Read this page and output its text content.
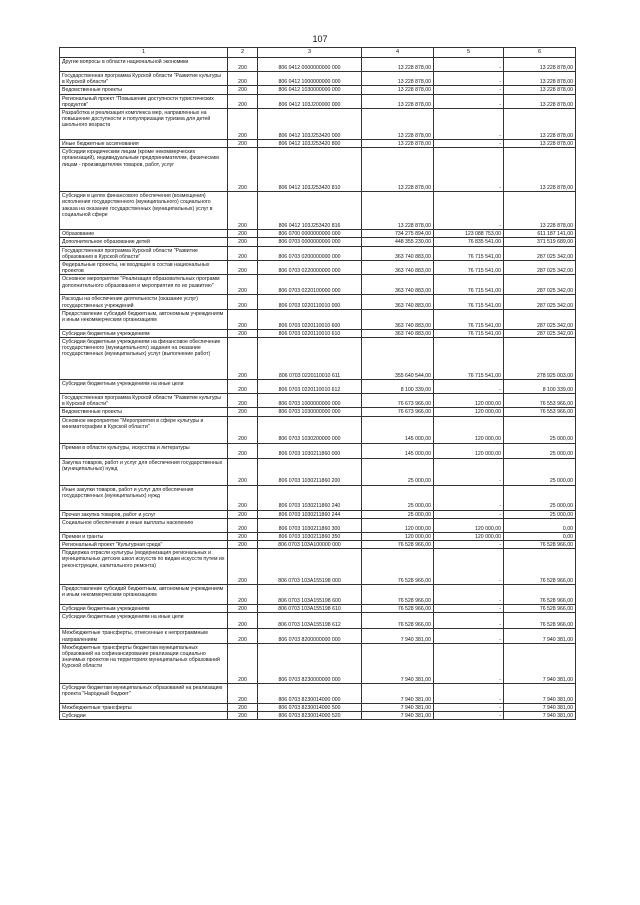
107
1	2	3	4	5	6
Другие вопросы в области национальной экономики	200	806 0412 0000000000 000	13 228 878,00	-	13 228 878,00
Государственная программа Курской области "Развитие культуры в Курской области"	200	806 0412 1000000000 000	13 228 878,00	-	13 228 878,00
Ведомственные проекты	200	806 0412 1030000000 000	13 228 878,00	-	13 228 878,00
Региональный проект "Повышение доступности туристических продуктов"	200	806 0412 103J200000 000	13 228 878,00	-	13 228 878,00
Разработка и реализация комплекса мер, направленных на повышение доступности и популяризации туризма для детей школьного возраста	200	806 0412 103J253420 000	13 228 878,00	-	13 228 878,00
Иные бюджетные ассигнования	200	806 0412 103J253420 800	13 228 878,00	-	13 228 878,00
Субсидии юридическим лицам (кроме некоммерческих организаций), индивидуальным предпринимателям, физическим лицам - производителям товаров, работ, услуг	200	806 0412 103J253420 810	13 228 878,00	-	13 228 878,00
Субсидии в целях финансового обеспечения (возмещения) исполнения государственного (муниципального) социального заказа на оказание государственных (муниципальных) услуг в социальной сфере	200	806 0412 103J253420 816	13 228 878,00	-	13 228 878,00
Образование	200	806 0700 0000000000 000	734 275 894,00	123 088 753,00	611 187 141,00
Дополнительное образование детей	200	806 0703 0000000000 000	448 355 230,00	76 835 541,00	371 519 689,00
Государственная программа Курской области "Развитие образования в Курской области"	200	806 0703 0200000000 000	363 740 883,00	76 715 541,00	287 025 342,00
Федеральные проекты, не входящие в состав национальных проектов	200	806 0703 0220000000 000	363 740 883,00	76 715 541,00	287 025 342,00
Основное мероприятие "Реализация образовательных программ дополнительного образования и мероприятия по их развитию"	200	806 0703 0220100000 000	363 740 883,00	76 715 541,00	287 025 342,00
Расходы на обеспечение деятельности (оказание услуг) государственных учреждений	200	806 0703 0220110010 000	363 740 883,00	76 715 541,00	287 025 342,00
Предоставление субсидий бюджетным, автономным учреждениям и иным некоммерческим организациям	200	806 0703 0220110010 600	363 740 883,00	76 715 541,00	287 025 342,00
Субсидии бюджетным учреждениям	200	806 0703 0220110010 610	363 740 883,00	76 715 541,00	287 025 342,00
Субсидии бюджетным учреждениям на финансовое обеспечение государственного (муниципального) задания на оказание государственных (муниципальных) услуг (выполнение работ)	200	806 0703 0220110010 611	355 640 544,00	76 715 541,00	278 925 003,00
Субсидии бюджетным учреждениям на иные цели	200	806 0703 0220110010 612	8 100 339,00	-	8 100 339,00
Государственная программа Курской области "Развитие культуры в Курской области"	200	806 0703 1000000000 000	76 673 966,00	120 000,00	76 553 966,00
Ведомственные проекты	200	806 0703 1030000000 000	76 673 966,00	120 000,00	76 553 966,00
Основное мероприятие "Мероприятия в сфере культуры и кинематографии в Курской области"	200	806 0703 1030200000 000	145 000,00	120 000,00	25 000,00
Премии в области культуры, искусства и литературы	200	806 0703 1030211860 000	145 000,00	120 000,00	25 000,00
Закупка товаров, работ и услуг для обеспечения государственных (муниципальных) нужд	200	806 0703 1030211860 200	25 000,00	-	25 000,00
Иные закупки товаров, работ и услуг для обеспечения государственных (муниципальных) нужд	200	806 0703 1030211860 240	25 000,00	-	25 000,00
Прочая закупка товаров, работ и услуг	200	806 0703 1030211860 244	25 000,00	-	25 000,00
Социальное обеспечение и иные выплаты населению	200	806 0703 1030211860 300	120 000,00	120 000,00	0,00
Премии и гранты	200	806 0703 1030211860 350	120 000,00	120 000,00	0,00
Региональный проект "Культурная среда"	200	806 0703 103A100000 000	76 528 966,00	-	76 528 966,00
Поддержка отрасли культуры (модернизация региональных и муниципальных детских школ искусств по видам искусств путем их реконструкции, капитального ремонта)	200	806 0703 103A155198 000	76 528 966,00	-	76 528 966,00
Предоставление субсидий бюджетным, автономным учреждениям и иным некоммерческим организациям	200	806 0703 103A155198 600	76 528 966,00	-	76 528 966,00
Субсидии бюджетным учреждениям	200	806 0703 103A155198 610	76 528 966,00	-	76 528 966,00
Субсидии бюджетным учреждениям на иные цели	200	806 0703 103A155198 612	76 528 966,00	-	76 528 966,00
Межбюджетные трансферты, отнесенные к непрограммным направлениям	200	806 0703 8200000000 000	7 940 381,00	-	7 940 381,00
Межбюджетные трансферты бюджетам муниципальных образований на софинансирование реализации социально значимых проектов на территориях муниципальных образований Курской области	200	806 0703 8230000000 000	7 940 381,00	-	7 940 381,00
Субсидии бюджетам муниципальных образований на реализацию проекта "Народный бюджет"	200	806 0703 8230014000 000	7 940 381,00	-	7 940 381,00
Межбюджетные трансферты	200	806 0703 8230014000 500	7 940 381,00	-	7 940 381,00
Субсидии	200	806 0703 8230014000 520	7 940 381,00	-	7 940 381,00
